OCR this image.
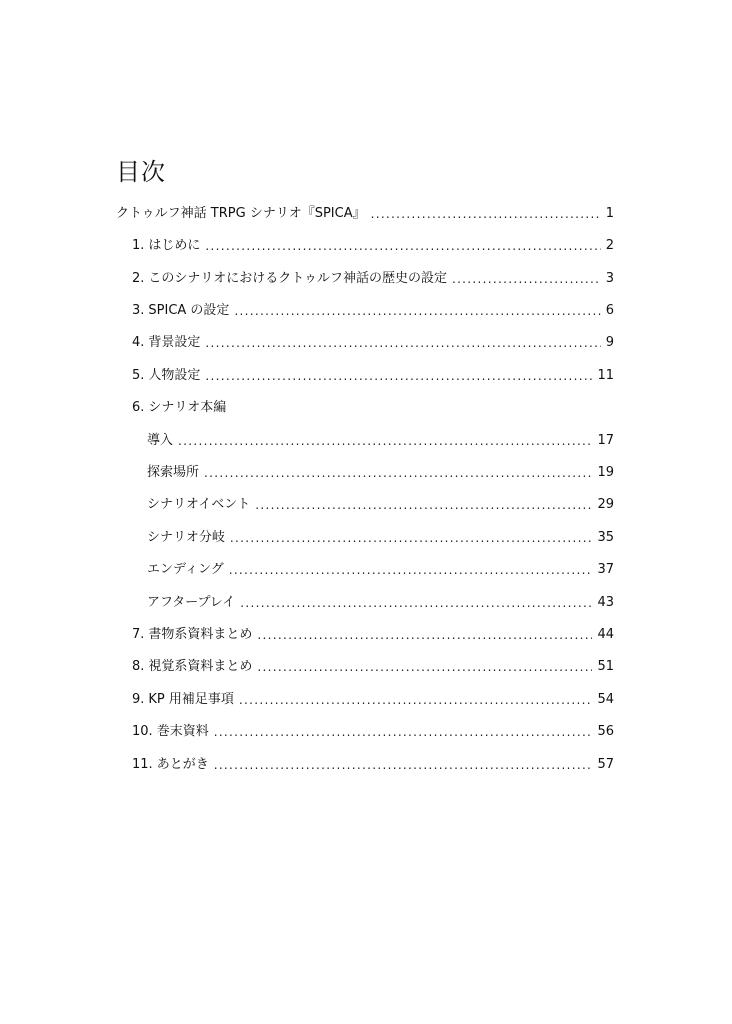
目次
クトゥルフ神話 TRPG シナリオ『SPICA』 .....	1
1. はじめに .....	2
2. このシナリオにおけるクトゥルフ神話の歴史の設定 .....	3
3. SPICA の設定 .....	6
4. 背景設定 .....	9
5. 人物設定 .....	11
6. シナリオ本編
導入 .....	17
探索場所 .....	19
シナリオイベント .....	29
シナリオ分岐 .....	35
エンディング .....	37
アフタープレイ .....	43
7. 書物系資料まとめ .....	44
8. 視覚系資料まとめ .....	51
9. KP 用補足事項 .....	54
10. 巻末資料 .....	56
11. あとがき .....	57
